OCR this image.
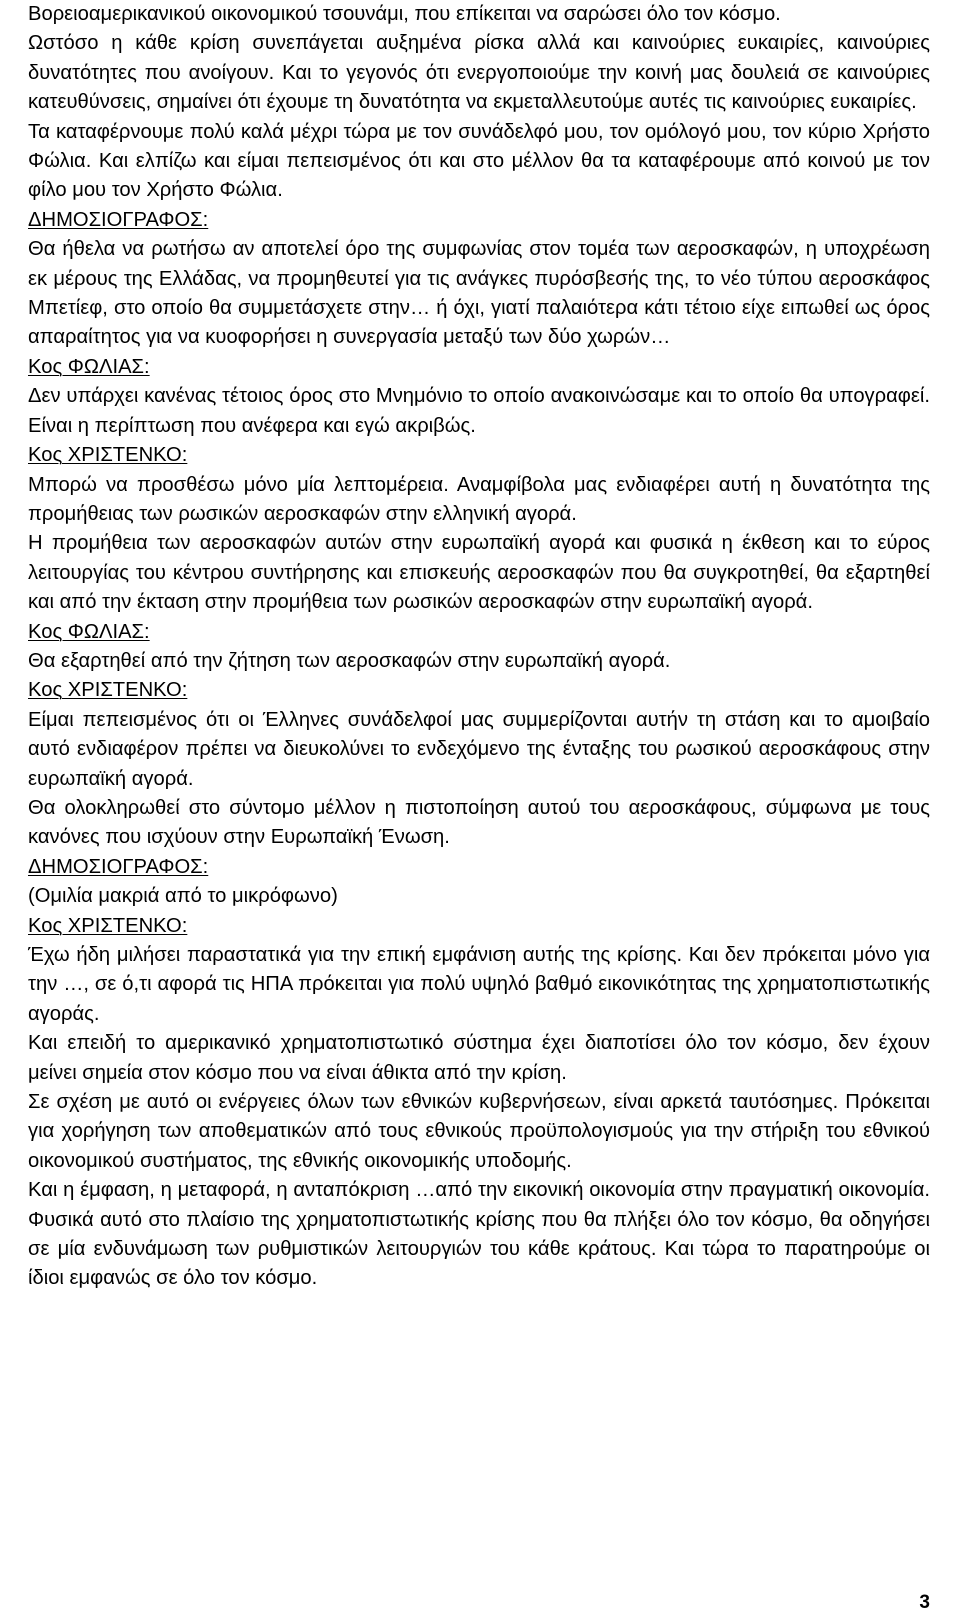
Βορειοαμερικανικού οικονομικού τσουνάμι, που επίκειται να σαρώσει όλο τον κόσμο.

Ωστόσο η κάθε κρίση συνεπάγεται αυξημένα ρίσκα αλλά και καινούριες ευκαιρίες, καινούριες δυνατότητες που ανοίγουν. Και το γεγονός ότι ενεργοποιούμε την κοινή μας δουλειά σε καινούριες κατευθύνσεις, σημαίνει ότι έχουμε τη δυνατότητα να εκμεταλλευτούμε αυτές τις καινούριες ευκαιρίες.

Τα καταφέρνουμε πολύ καλά μέχρι τώρα με τον συνάδελφό μου, τον ομόλογό μου, τον κύριο Χρήστο Φώλια. Και ελπίζω και είμαι πεπεισμένος ότι και στο μέλλον θα τα καταφέρουμε από κοινού με τον φίλο μου τον Χρήστο Φώλια.

ΔΗΜΟΣΙΟΓΡΑΦΟΣ:

Θα ήθελα να ρωτήσω αν αποτελεί όρο της συμφωνίας στον τομέα των αεροσκαφών, η υποχρέωση εκ μέρους της Ελλάδας, να προμηθευτεί για τις ανάγκες πυρόσβεσής της, το νέο τύπου αεροσκάφος Μπετίεφ, στο οποίο θα συμμετάσχετε στην… ή όχι, γιατί παλαιότερα κάτι τέτοιο είχε ειπωθεί ως όρος απαραίτητος για να κυοφορήσει η συνεργασία μεταξύ των δύο χωρών…

Κος ΦΩΛΙΑΣ:

Δεν υπάρχει κανένας τέτοιος όρος στο Μνημόνιο το οποίο ανακοινώσαμε και το οποίο θα υπογραφεί. Είναι η περίπτωση που ανέφερα και εγώ ακριβώς.

Κος ΧΡΙΣΤΕΝΚΟ:

Μπορώ να προσθέσω μόνο μία λεπτομέρεια. Αναμφίβολα μας ενδιαφέρει αυτή η δυνατότητα της προμήθειας των ρωσικών αεροσκαφών στην ελληνική αγορά.

Η προμήθεια των αεροσκαφών αυτών στην ευρωπαϊκή αγορά και φυσικά η έκθεση και το εύρος λειτουργίας του κέντρου συντήρησης και επισκευής αεροσκαφών που θα συγκροτηθεί, θα εξαρτηθεί και από την έκταση στην προμήθεια των ρωσικών αεροσκαφών στην ευρωπαϊκή αγορά.

Κος ΦΩΛΙΑΣ:

Θα εξαρτηθεί από την ζήτηση των αεροσκαφών στην ευρωπαϊκή αγορά.

Κος ΧΡΙΣΤΕΝΚΟ:

Είμαι πεπεισμένος ότι οι Έλληνες συνάδελφοί μας συμμερίζονται αυτήν τη στάση και το αμοιβαίο αυτό ενδιαφέρον πρέπει να διευκολύνει το ενδεχόμενο της ένταξης του ρωσικού αεροσκάφους στην ευρωπαϊκή αγορά.

Θα ολοκληρωθεί στο σύντομο μέλλον η πιστοποίηση αυτού του αεροσκάφους, σύμφωνα με τους κανόνες που ισχύουν στην Ευρωπαϊκή Ένωση.

ΔΗΜΟΣΙΟΓΡΑΦΟΣ:

(Ομιλία μακριά από το μικρόφωνο)

Κος ΧΡΙΣΤΕΝΚΟ:

Έχω ήδη μιλήσει παραστατικά για την επική εμφάνιση αυτής της κρίσης. Και δεν πρόκειται μόνο για την …, σε ό,τι αφορά τις ΗΠΑ πρόκειται για πολύ υψηλό βαθμό εικονικότητας της χρηματοπιστωτικής αγοράς.

Και επειδή το αμερικανικό χρηματοπιστωτικό σύστημα έχει διαποτίσει όλο τον κόσμο, δεν έχουν μείνει σημεία στον κόσμο που να είναι άθικτα από την κρίση.

Σε σχέση με αυτό οι ενέργειες όλων των εθνικών κυβερνήσεων, είναι αρκετά ταυτόσημες. Πρόκειται για χορήγηση των αποθεματικών από τους εθνικούς προϋπολογισμούς για την στήριξη του εθνικού οικονομικού συστήματος, της εθνικής οικονομικής υποδομής.

Και η έμφαση, η μεταφορά, η ανταπόκριση …από την εικονική οικονομία στην πραγματική οικονομία. Φυσικά αυτό στο πλαίσιο της χρηματοπιστωτικής κρίσης που θα πλήξει όλο τον κόσμο, θα οδηγήσει σε μία ενδυνάμωση των ρυθμιστικών λειτουργιών του κάθε κράτους. Και τώρα το παρατηρούμε οι ίδιοι εμφανώς σε όλο τον κόσμο.

3
